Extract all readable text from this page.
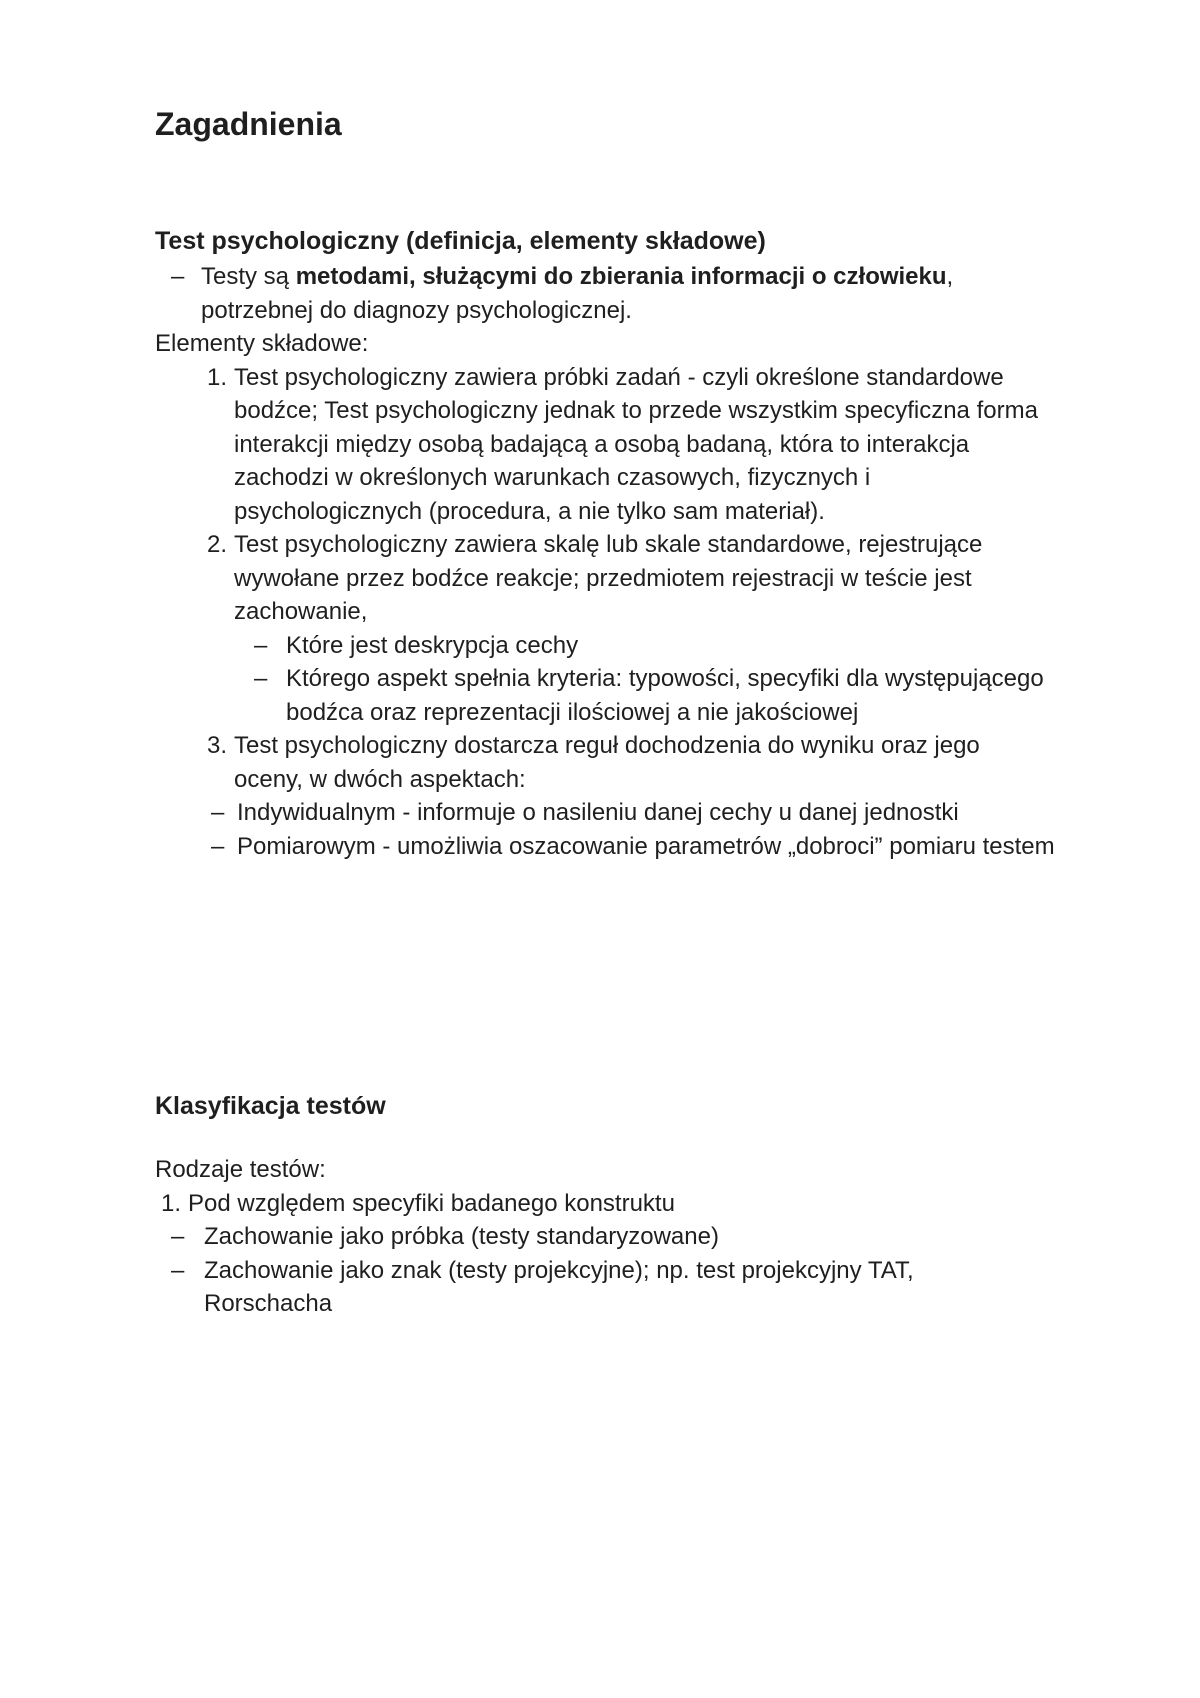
Zagadnienia
Test psychologiczny (definicja, elementy składowe)
– Testy są metodami, służącymi do zbierania informacji o człowieku, potrzebnej do diagnozy psychologicznej.
Elementy składowe:
1. Test psychologiczny zawiera próbki zadań - czyli określone standardowe bodźce; Test psychologiczny jednak to przede wszystkim specyficzna forma interakcji między osobą badającą a osobą badaną, która to interakcja zachodzi w określonych warunkach czasowych, fizycznych i psychologicznych (procedura, a nie tylko sam materiał).
2. Test psychologiczny zawiera skalę lub skale standardowe, rejestrujące wywołane przez bodźce reakcje; przedmiotem rejestracji w teście jest zachowanie,
– Które jest deskrypcja cechy
– Którego aspekt spełnia kryteria: typowości, specyfiki dla występującego bodźca oraz reprezentacji ilościowej a nie jakościowej
3. Test psychologiczny dostarcza reguł dochodzenia do wyniku oraz jego oceny, w dwóch aspektach:
– Indywidualnym - informuje o nasileniu danej cechy u danej jednostki
– Pomiarowym - umożliwia oszacowanie parametrów „dobroci” pomiaru testem
Klasyfikacja testów
Rodzaje testów:
1. Pod względem specyfiki badanego konstruktu
– Zachowanie jako próbka (testy standaryzowane)
– Zachowanie jako znak (testy projekcyjne); np. test projekcyjny TAT, Rorschacha
